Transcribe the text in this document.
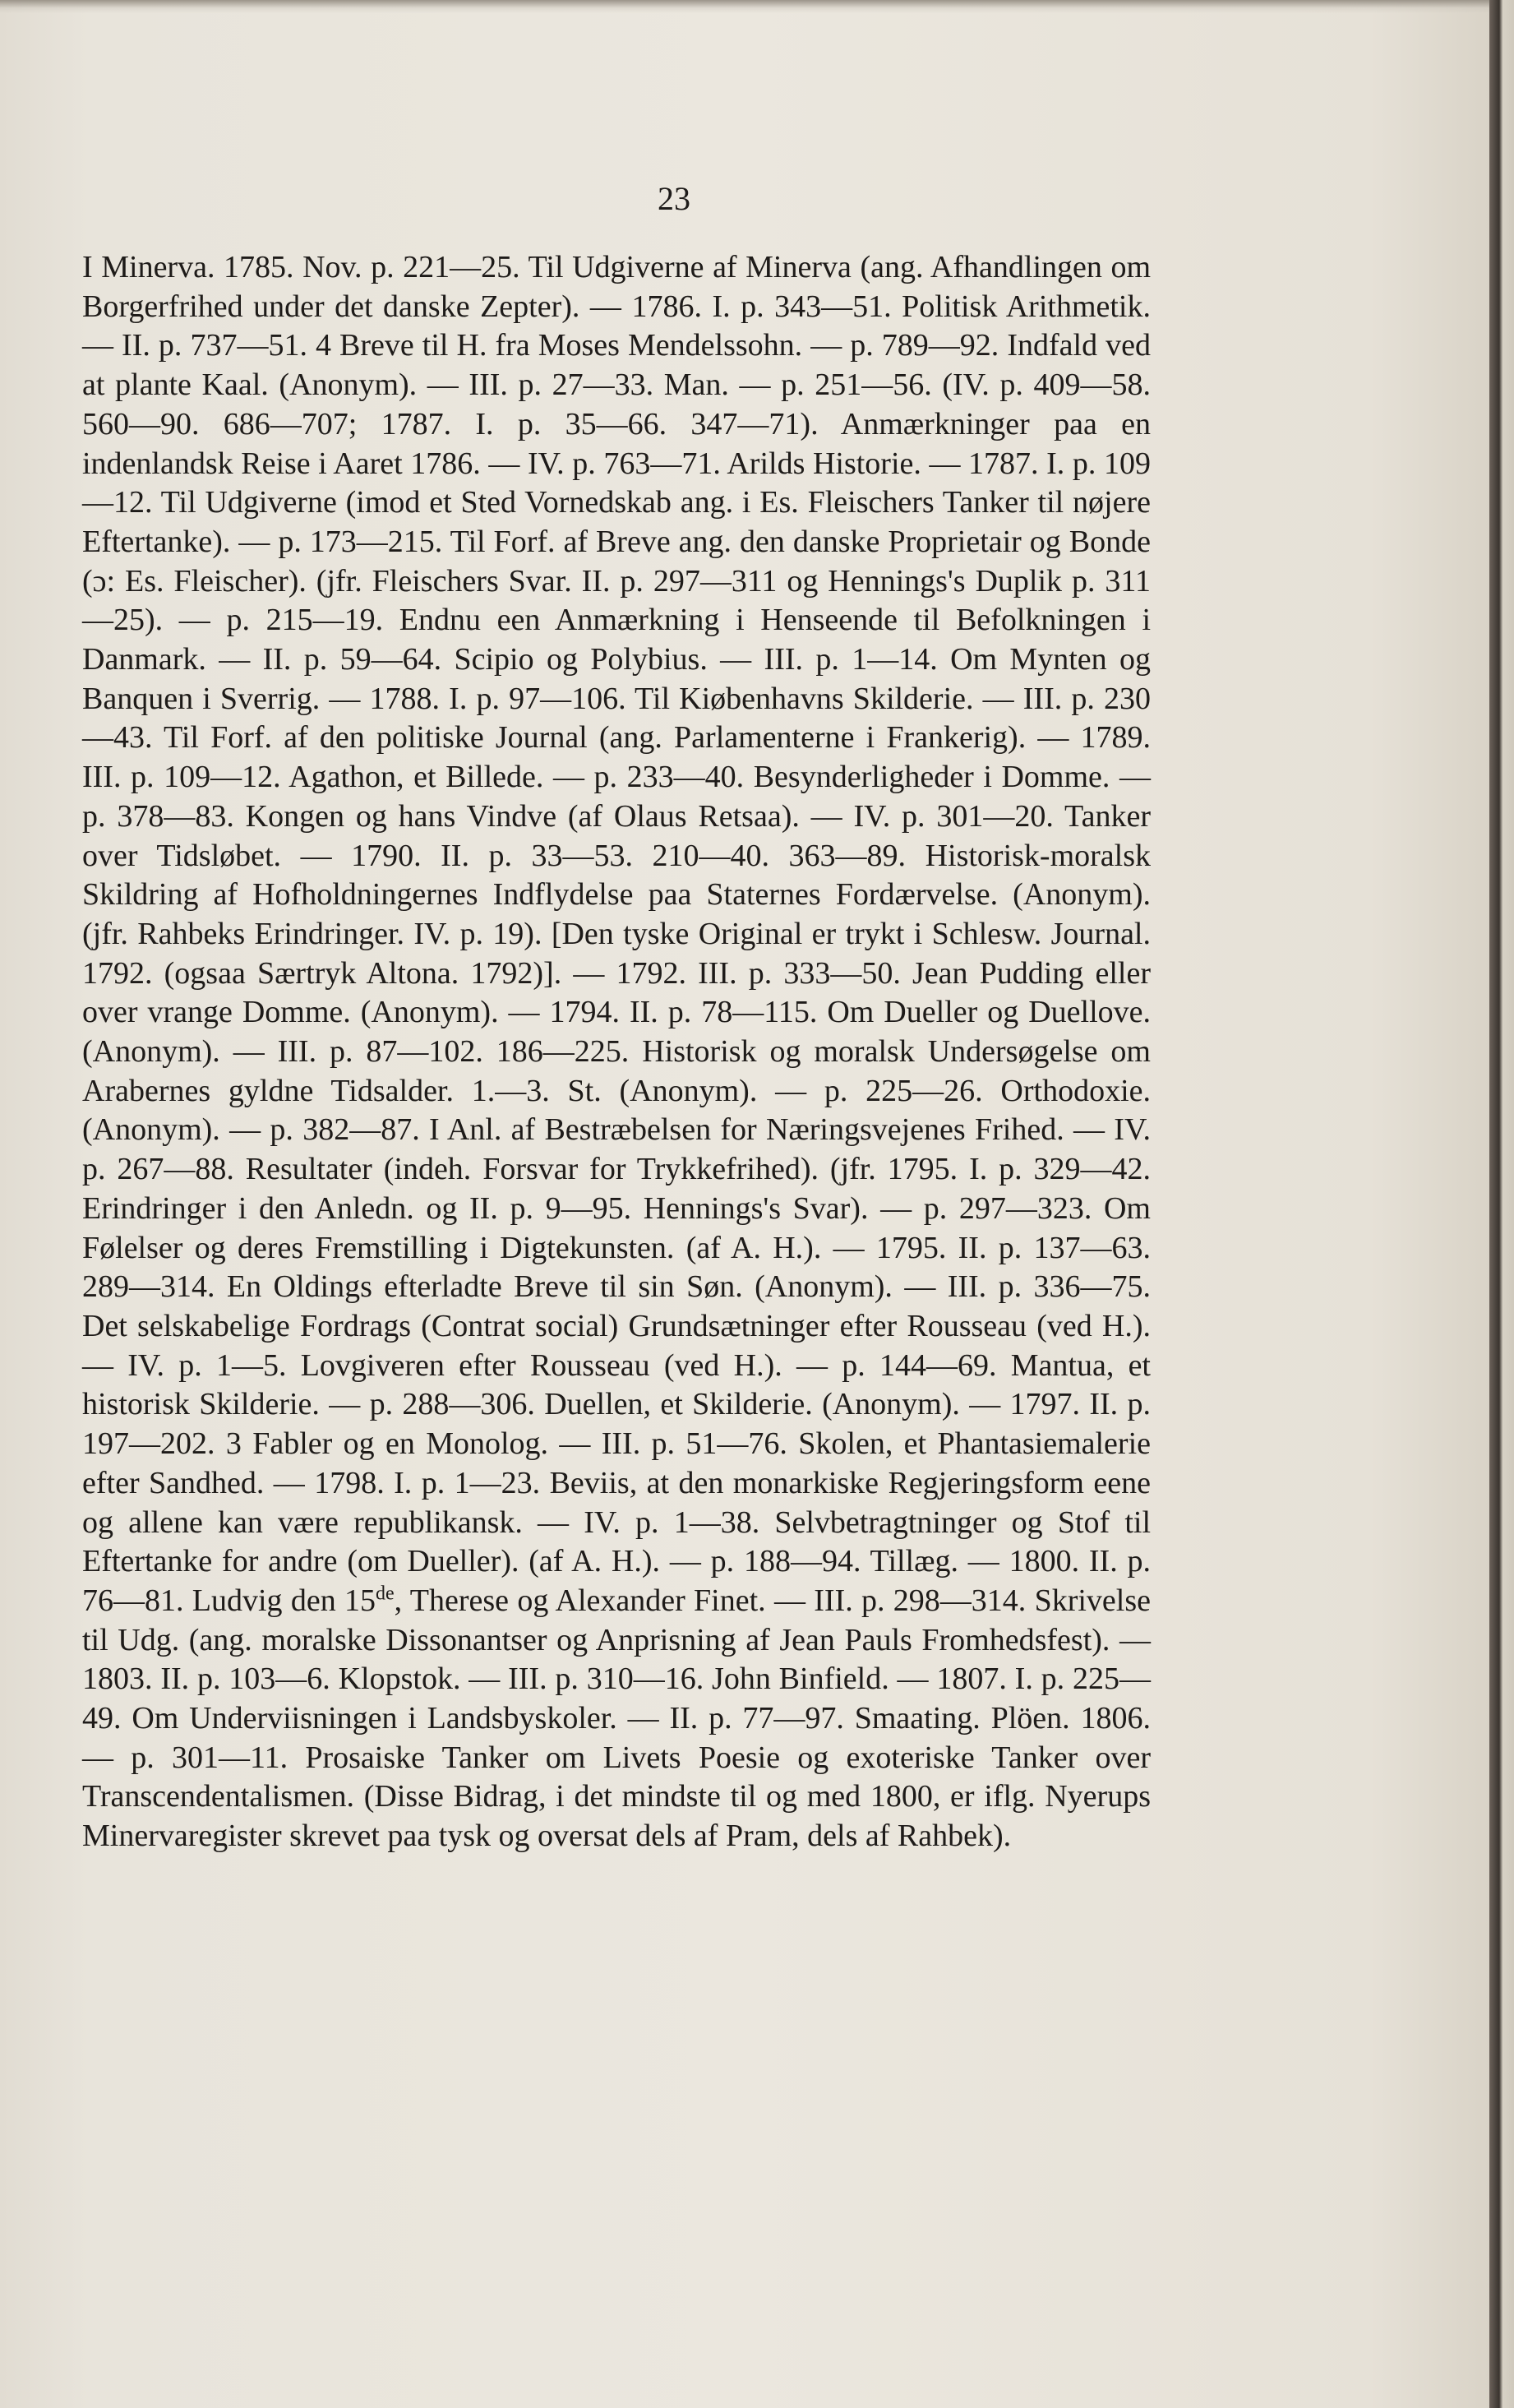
23
I Minerva. 1785. Nov. p. 221—25. Til Udgiverne af Minerva (ang. Afhandlingen om Borgerfrihed under det danske Zepter). — 1786. I. p. 343—51. Politisk Arithmetik. — II. p. 737—51. 4 Breve til H. fra Moses Mendelssohn. — p. 789—92. Indfald ved at plante Kaal. (Anonym). — III. p. 27—33. Man. — p. 251—56. (IV. p. 409—58. 560—90. 686—707; 1787. I. p. 35—66. 347—71). Anmærkninger paa en indenlandsk Reise i Aaret 1786. — IV. p. 763—71. Arilds Historie. — 1787. I. p. 109—12. Til Udgiverne (imod et Sted Vornedskab ang. i Es. Fleischers Tanker til nøjere Eftertanke). — p. 173—215. Til Forf. af Breve ang. den danske Proprietair og Bonde (ɔ: Es. Fleischer). (jfr. Fleischers Svar. II. p. 297—311 og Hennings's Duplik p. 311—25). — p. 215—19. Endnu een Anmærkning i Henseende til Befolkningen i Danmark. — II. p. 59—64. Scipio og Polybius. — III. p. 1—14. Om Mynten og Banquen i Sverrig. — 1788. I. p. 97—106. Til Kiøbenhavns Skilderie. — III. p. 230—43. Til Forf. af den politiske Journal (ang. Parlamenterne i Frankerig). — 1789. III. p. 109—12. Agathon, et Billede. — p. 233—40. Besynderligheder i Domme. — p. 378—83. Kongen og hans Vindve (af Olaus Retsaa). — IV. p. 301—20. Tanker over Tidsløbet. — 1790. II. p. 33—53. 210—40. 363—89. Historisk-moralsk Skildring af Hofholdningernes Indflydelse paa Staternes Fordærvelse. (Anonym). (jfr. Rahbeks Erindringer. IV. p. 19). [Den tyske Original er trykt i Schlesw. Journal. 1792. (ogsaa Særtryk Altona. 1792)]. — 1792. III. p. 333—50. Jean Pudding eller over vrange Domme. (Anonym). — 1794. II. p. 78—115. Om Dueller og Duellove. (Anonym). — III. p. 87—102. 186—225. Historisk og moralsk Undersøgelse om Arabernes gyldne Tidsalder. 1.—3. St. (Anonym). — p. 225—26. Orthodoxie. (Anonym). — p. 382—87. I Anl. af Bestræbelsen for Næringsvejenes Frihed. — IV. p. 267—88. Resultater (indeh. Forsvar for Trykkefrihed). (jfr. 1795. I. p. 329—42. Erindringer i den Anledn. og II. p. 9—95. Hennings's Svar). — p. 297—323. Om Følelser og deres Fremstilling i Digtekunsten. (af A. H.). — 1795. II. p. 137—63. 289—314. En Oldings efterladte Breve til sin Søn. (Anonym). — III. p. 336—75. Det selskabelige Fordrags (Contrat social) Grundsætninger efter Rousseau (ved H.). — IV. p. 1—5. Lovgiveren efter Rousseau (ved H.). — p. 144—69. Mantua, et historisk Skilderie. — p. 288—306. Duellen, et Skilderie. (Anonym). — 1797. II. p. 197—202. 3 Fabler og en Monolog. — III. p. 51—76. Skolen, et Phantasiemalerie efter Sandhed. — 1798. I. p. 1—23. Beviis, at den monarkiske Regjeringsform eene og allene kan være republikansk. — IV. p. 1—38. Selvbetragtninger og Stof til Eftertanke for andre (om Dueller). (af A. H.). — p. 188—94. Tillæg. — 1800. II. p. 76—81. Ludvig den 15de, Therese og Alexander Finet. — III. p. 298—314. Skrivelse til Udg. (ang. moralske Dissonantser og Anprisning af Jean Pauls Fromhedsfest). — 1803. II. p. 103—6. Klopstok. — III. p. 310—16. John Binfield. — 1807. I. p. 225—49. Om Underviisningen i Landsbyskoler. — II. p. 77—97. Smaating. Plöen. 1806. — p. 301—11. Prosaiske Tanker om Livets Poesie og exoteriske Tanker over Transcendentalismen. (Disse Bidrag, i det mindste til og med 1800, er iflg. Nyerups Minervaregister skrevet paa tysk og oversat dels af Pram, dels af Rahbek).
